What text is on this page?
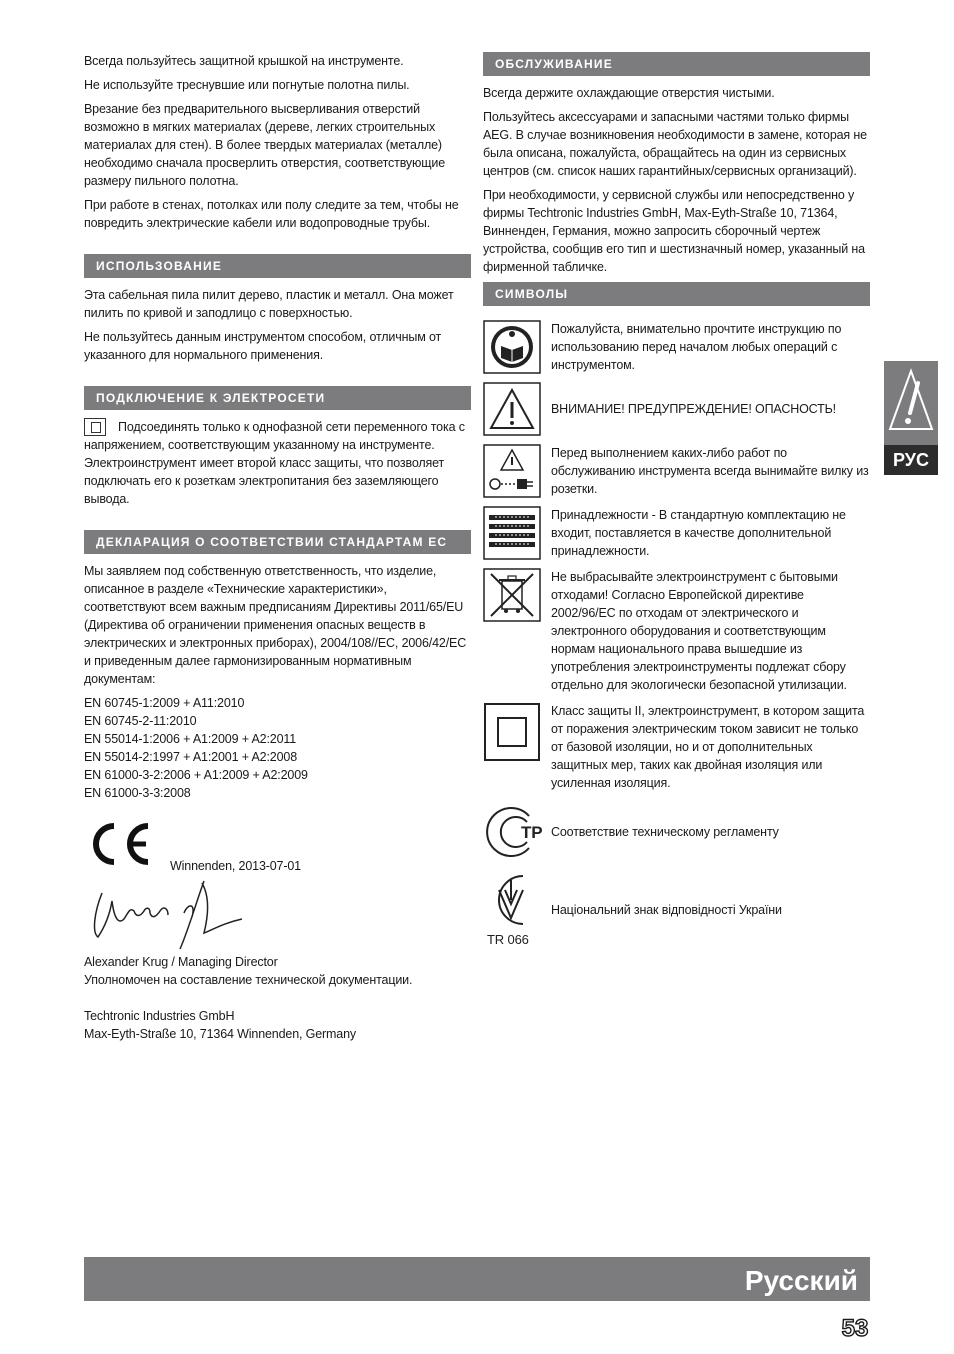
Всегда пользуйтесь защитной крышкой на инструменте.

Не используйте треснувшие или погнутые полотна пилы.

Врезание без предварительного высверливания отверстий возможно в мягких материалах (дереве, легких строительных материалах для стен). В более твердых материалах (металле) необходимо сначала просверлить отверстия, соответствующие размеру пильного полотна.

При работе в стенах, потолках или полу следите за тем, чтобы не повредить электрические кабели или водопроводные трубы.

ИСПОЛЬЗОВАНИЕ

Эта сабельная пила пилит дерево, пластик и металл. Она может пилить по кривой и заподлицо с поверхностью.

Не пользуйтесь данным инструментом способом, отличным от указанного для нормального применения.

ПОДКЛЮЧЕНИЕ К ЭЛЕКТРОСЕТИ

Подсоединять только к однофазной сети переменного тока с напряжением, соответствующим указанному на инструменте. Электроинструмент имеет второй класс защиты, что позволяет подключать его к розеткам электропитания без заземляющего вывода.

ДЕКЛАРАЦИЯ О СООТВЕТСТВИИ СТАНДАРТАМ ЕС

Мы заявляем под собственную ответственность, что изделие, описанное в разделе «Технические характеристики», соответствуют всем важным предписаниям Директивы 2011/65/EU (Директива об ограничении применения опасных веществ в электрических и электронных приборах), 2004/108//EC, 2006/42/EC и приведенным далее гармонизированным нормативным документам:

EN 60745-1:2009 + A11:2010
EN 60745-2-11:2010
EN 55014-1:2006 + A1:2009 + A2:2011
EN 55014-2:1997 + A1:2001 + A2:2008
EN 61000-3-2:2006 + A1:2009 + A2:2009
EN 61000-3-3:2008

Winnenden, 2013-07-01

Alexander Krug / Managing Director

Уполномочен на составление технической документации.

Techtronic Industries GmbH

Max-Eyth-Straße 10, 71364 Winnenden, Germany

ОБСЛУЖИВАНИЕ

Всегда держите охлаждающие отверстия чистыми.

Пользуйтесь аксессуарами и запасными частями только фирмы AEG. В случае возникновения необходимости в замене, которая не была описана, пожалуйста, обращайтесь на один из сервисных центров (см. список наших гарантийных/сервисных организаций).

При необходимости, у сервисной службы или непосредственно у фирмы Techtronic Industries GmbH, Max-Eyth-Straße 10, 71364, Винненден, Германия, можно запросить сборочный чертеж устройства, сообщив его тип и шестизначный номер, указанный на фирменной табличке.

СИМВОЛЫ
Пожалуйста, внимательно прочтите инструкцию по использованию перед началом любых операций с инструментом.
ВНИМАНИЕ! ПРЕДУПРЕЖДЕНИЕ! ОПАСНОСТЬ!
Перед выполнением каких-либо работ по обслуживанию инструмента всегда вынимайте вилку из розетки.
Принадлежности - В стандартную комплектацию не входит, поставляется в качестве дополнительной принадлежности.
Не выбрасывайте электроинструмент с бытовыми отходами! Согласно Европейской директиве 2002/96/EC по отходам от электрического и электронного оборудования и соответствующим нормам национального права вышедшие из употребления электроинструменты подлежат сбору отдельно для экологически безопасной утилизации.
Класс защиты II, электроинструмент, в котором защита от поражения электрическим током зависит не только от базовой изоляции, но и от дополнительных защитных мер, таких как двойная изоляция или усиленная изоляция.
ТР Соответствие техническому регламенту
TR 066
Національний знак відповідності України
РУС
Русский
53
